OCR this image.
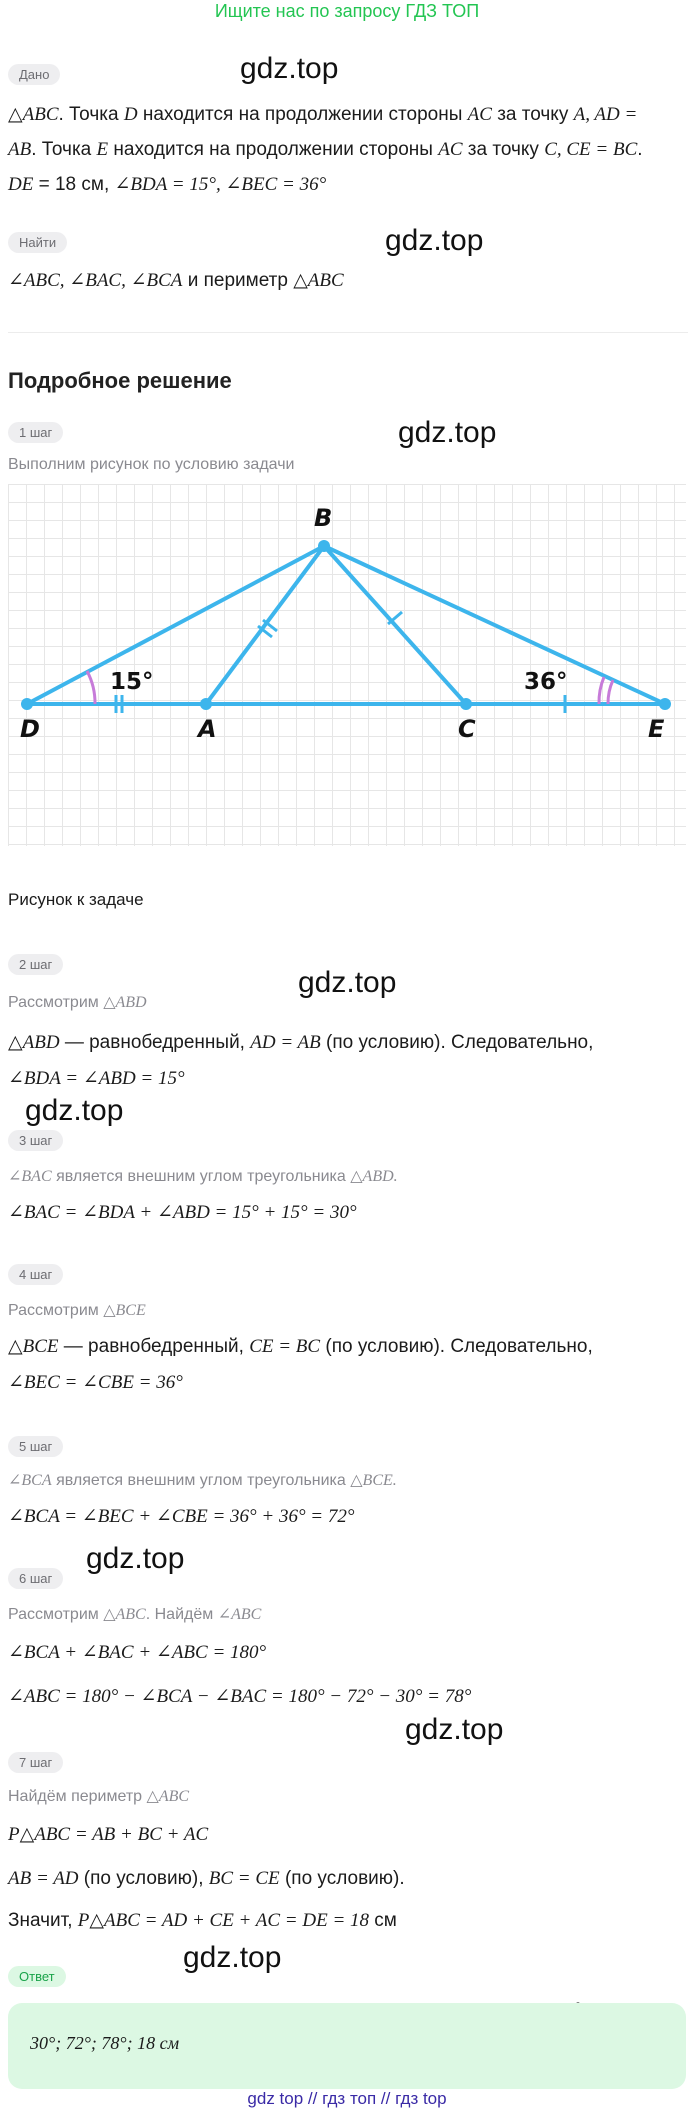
Ищите нас по запросу ГДЗ ТОП
gdz.top
gdz.top
gdz.top
gdz.top
gdz.top
gdz.top
gdz.top
gdz.top
Дано
△ABC. Точка D находится на продолжении стороны AC за точку A, AD =
AB. Точка E находится на продолжении стороны AC за точку C, CE = BC.
DE = 18 см, ∠BDA = 15°, ∠BEC = 36°
Найти
∠ABC, ∠BAC, ∠BCA и периметр △ABC
Подробное решение
1 шаг
Выполним рисунок по условию задачи
B
D	A	C	E
15°	36°
Рисунок к задаче
2 шаг
Рассмотрим △ABD
△ABD — равнобедренный, AD = AB (по условию). Следовательно,
∠BDA = ∠ABD = 15°
3 шаг
∠BAC является внешним углом треугольника △ABD.
∠BAC = ∠BDA + ∠ABD = 15° + 15° = 30°
4 шаг
Рассмотрим △BCE
△BCE — равнобедренный, CE = BC (по условию). Следовательно,
∠BEC = ∠CBE = 36°
5 шаг
∠BCA является внешним углом треугольника △BCE.
∠BCA = ∠BEC + ∠CBE = 36° + 36° = 72°
6 шаг
Рассмотрим △ABC. Найдём ∠ABC
∠BCA + ∠BAC + ∠ABC = 180°
∠ABC = 180° − ∠BCA − ∠BAC = 180° − 72° − 30° = 78°
7 шаг
Найдём периметр △ABC
P△ABC = AB + BC + AC
AB = AD (по условию), BC = CE (по условию).
Значит, P△ABC = AD + CE + AC = DE = 18 см
Ответ
30°; 72°; 78°; 18 см
gdz top // гдз топ // гдз top
